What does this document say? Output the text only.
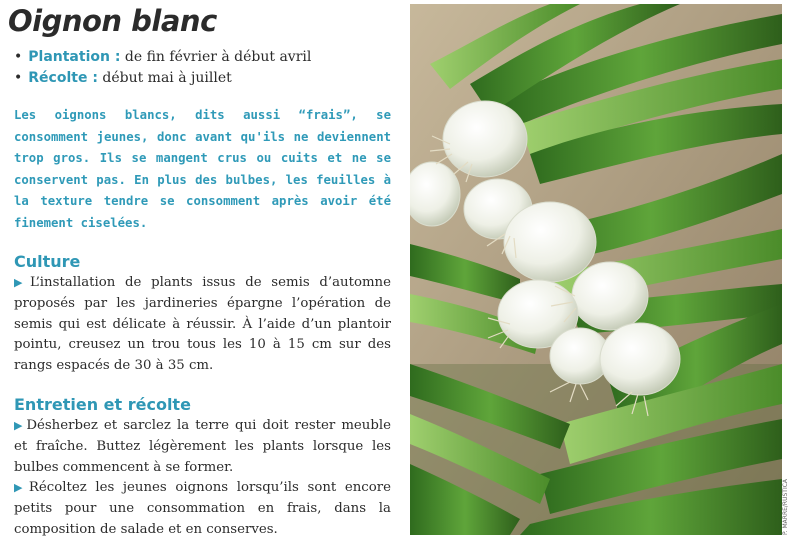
Oignon blanc
• Plantation : de fin février à début avril
• Récolte : début mai à juillet

Les oignons blancs, dits aussi “frais”, se consomment jeunes, donc avant qu'ils ne deviennent trop gros. Ils se mangent crus ou cuits et ne se conservent pas. En plus des bulbes, les feuilles à la texture tendre se consomment après avoir été finement ciselées.

Culture

▶ L’installation de plants issus de semis d’automne proposés par les jardineries épargne l’opération de semis qui est délicate à réussir. À l’aide d’un plantoir pointu, creusez un trou tous les 10 à 15 cm sur des rangs espacés de 30 à 35 cm.

Entretien et récolte

▶ Désherbez et sarclez la terre qui doit rester meuble et fraîche. Buttez légèrement les plants lorsque les bulbes commencent à se former.

▶ Récoltez les jeunes oignons lorsqu’ils sont encore petits pour une consommation en frais, dans la composition de salade et en conserves.	P. MARRE/RUSTICA
